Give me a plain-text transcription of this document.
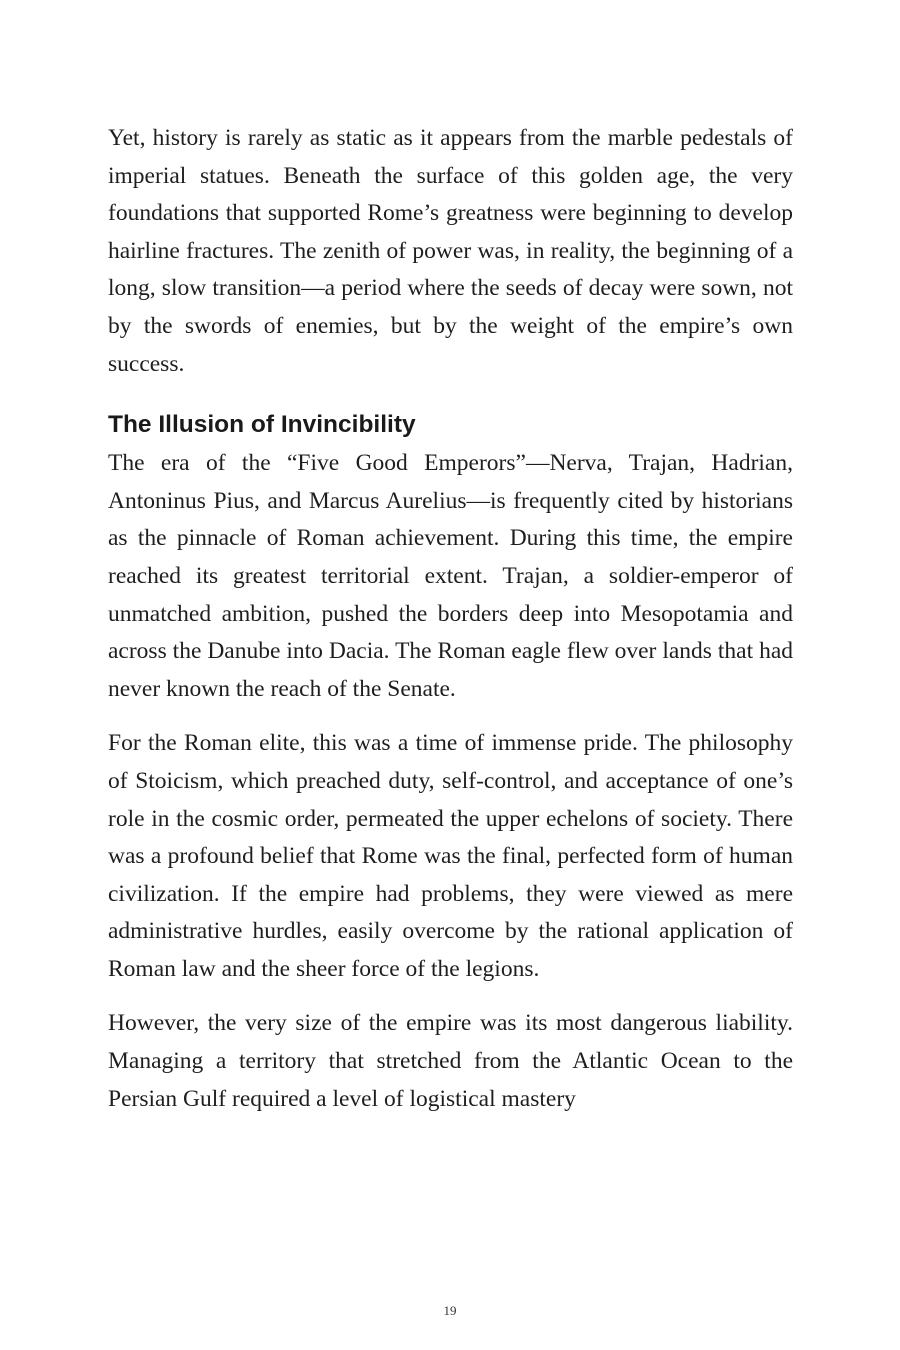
Yet, history is rarely as static as it appears from the marble pedestals of imperial statues. Beneath the surface of this golden age, the very foundations that supported Rome’s greatness were beginning to develop hairline fractures. The zenith of power was, in reality, the beginning of a long, slow transition—a period where the seeds of decay were sown, not by the swords of enemies, but by the weight of the empire’s own success.

The Illusion of Invincibility

The era of the “Five Good Emperors”—Nerva, Trajan, Hadrian, Antoninus Pius, and Marcus Aurelius—is frequently cited by historians as the pinnacle of Roman achievement. During this time, the empire reached its greatest territorial extent. Trajan, a soldier-emperor of unmatched ambition, pushed the borders deep into Mesopotamia and across the Danube into Dacia. The Roman eagle flew over lands that had never known the reach of the Senate.

For the Roman elite, this was a time of immense pride. The philosophy of Stoicism, which preached duty, self-control, and acceptance of one’s role in the cosmic order, permeated the upper echelons of society. There was a profound belief that Rome was the final, perfected form of human civilization. If the empire had problems, they were viewed as mere administrative hurdles, easily overcome by the rational application of Roman law and the sheer force of the legions.

However, the very size of the empire was its most dangerous liability. Managing a territory that stretched from the Atlantic Ocean to the Persian Gulf required a level of logistical mastery

19
